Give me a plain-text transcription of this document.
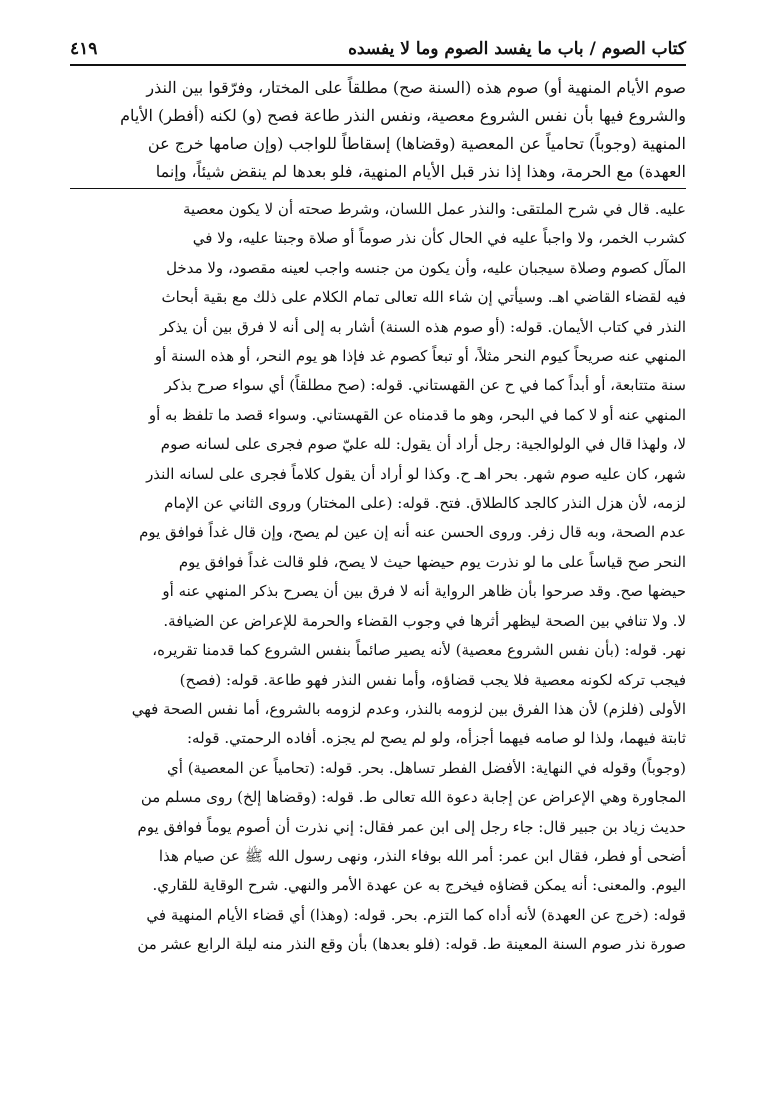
كتاب الصوم / باب ما يفسد الصوم وما لا يفسده
٤١٩
صوم الأيام المنهية أو) صوم هذه (السنة صح) مطلقاً على المختار، وفرّقوا بين النذر
والشروع فيها بأن نفس الشروع معصية، ونفس النذر طاعة فصح (و) لكنه (أفطر) الأيام
المنهية (وجوباً) تحامياً عن المعصية (وقضاها) إسقاطاً للواجب (وإن صامها خرج عن
العهدة) مع الحرمة، وهذا إذا نذر قبل الأيام المنهية، فلو بعدها لم ينقض شيئاً، وإنما
عليه. قال في شرح الملتقى: والنذر عمل اللسان، وشرط صحته أن لا يكون معصية
كشرب الخمر، ولا واجباً عليه في الحال كأن نذر صوماً أو صلاة وجبتا عليه، ولا في
المآل كصوم وصلاة سيجبان عليه، وأن يكون من جنسه واجب لعينه مقصود، ولا مدخل
فيه لقضاء القاضي اهـ. وسيأتي إن شاء الله تعالى تمام الكلام على ذلك مع بقية أبحاث
النذر في كتاب الأيمان. قوله: (أو صوم هذه السنة) أشار به إلى أنه لا فرق بين أن يذكر
المنهي عنه صريحاً كيوم النحر مثلاً، أو تبعاً كصوم غد فإذا هو يوم النحر، أو هذه السنة أو
سنة متتابعة، أو أبداً كما في ح عن القهستاني. قوله: (صح مطلقاً) أي سواء صرح بذكر
المنهي عنه أو لا كما في البحر، وهو ما قدمناه عن القهستاني. وسواء قصد ما تلفظ به أو
لا، ولهذا قال في الولوالجية: رجل أراد أن يقول: لله عليّ صوم فجرى على لسانه صوم
شهر، كان عليه صوم شهر. بحر اهـ ح. وكذا لو أراد أن يقول كلاماً فجرى على لسانه النذر
لزمه، لأن هزل النذر كالجد كالطلاق. فتح. قوله: (على المختار) وروى الثاني عن الإمام
عدم الصحة، وبه قال زفر. وروى الحسن عنه أنه إن عين لم يصح، وإن قال غداً فوافق يوم
النحر صح قياساً على ما لو نذرت يوم حيضها حيث لا يصح، فلو قالت غداً فوافق يوم
حيضها صح. وقد صرحوا بأن ظاهر الرواية أنه لا فرق بين أن يصرح بذكر المنهي عنه أو
لا. ولا تنافي بين الصحة ليظهر أثرها في وجوب القضاء والحرمة للإعراض عن الضيافة.
نهر. قوله: (بأن نفس الشروع معصية) لأنه يصير صائماً بنفس الشروع كما قدمنا تقريره،
فيجب تركه لكونه معصية فلا يجب قضاؤه، وأما نفس النذر فهو طاعة. قوله: (فصح)
الأولى (فلزم) لأن هذا الفرق بين لزومه بالنذر، وعدم لزومه بالشروع، أما نفس الصحة فهي
ثابتة فيهما، ولذا لو صامه فيهما أجزأه، ولو لم يصح لم يجزه. أفاده الرحمتي. قوله:
(وجوباً) وقوله في النهاية: الأفضل الفطر تساهل. بحر. قوله: (تحامياً عن المعصية) أي
المجاورة وهي الإعراض عن إجابة دعوة الله تعالى ط. قوله: (وقضاها إلخ) روى مسلم من
حديث زياد بن جبير قال: جاء رجل إلى ابن عمر فقال: إني نذرت أن أصوم يوماً فوافق يوم
أضحى أو فطر، فقال ابن عمر: أمر الله بوفاء النذر، ونهى رسول الله ﷺ عن صيام هذا
اليوم. والمعنى: أنه يمكن قضاؤه فيخرج به عن عهدة الأمر والنهي. شرح الوقاية للقاري.
قوله: (خرج عن العهدة) لأنه أداه كما التزم. بحر. قوله: (وهذا) أي قضاء الأيام المنهية في
صورة نذر صوم السنة المعينة ط. قوله: (فلو بعدها) بأن وقع النذر منه ليلة الرابع عشر من
